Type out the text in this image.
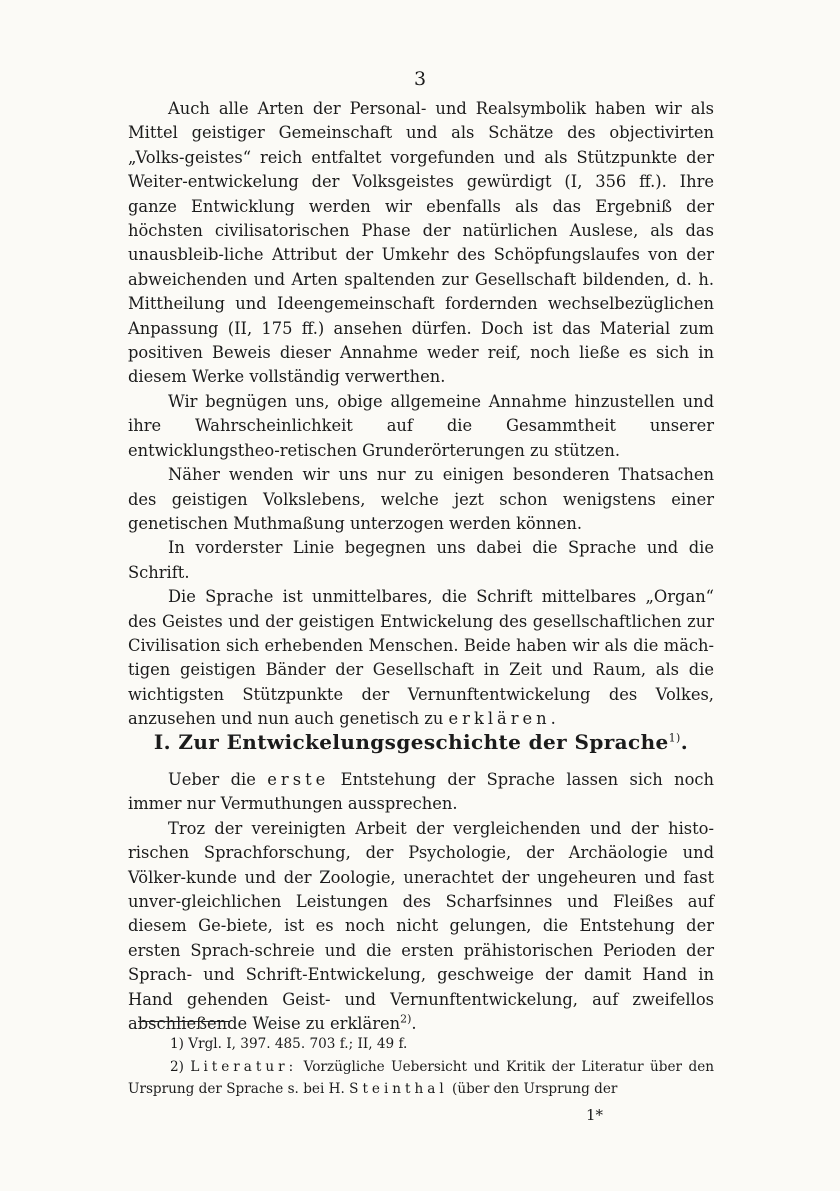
3

Auch alle Arten der Personal- und Realsymbolik haben wir als Mittel geistiger Gemeinschaft und als Schätze des objectivirten „Volks-geistes“ reich entfaltet vorgefunden und als Stützpunkte der Weiter-entwickelung der Volksgeistes gewürdigt (I, 356 ff.). Ihre ganze Entwicklung werden wir ebenfalls als das Ergebniß der höchsten civilisatorischen Phase der natürlichen Auslese, als das unausbleib-liche Attribut der Umkehr des Schöpfungslaufes von der abweichenden und Arten spaltenden zur Gesellschaft bildenden, d. h. Mittheilung und Ideengemeinschaft fordernden wechselbezüglichen Anpassung (II, 175 ff.) ansehen dürfen. Doch ist das Material zum positiven Beweis dieser Annahme weder reif, noch ließe es sich in diesem Werke vollständig verwerthen.

Wir begnügen uns, obige allgemeine Annahme hinzustellen und ihre Wahrscheinlichkeit auf die Gesammtheit unserer entwicklungstheo-retischen Grunderörterungen zu stützen.

Näher wenden wir uns nur zu einigen besonderen Thatsachen des geistigen Volkslebens, welche jezt schon wenigstens einer genetischen Muthmaßung unterzogen werden können.

In vorderster Linie begegnen uns dabei die Sprache und die Schrift.

Die Sprache ist unmittelbares, die Schrift mittelbares „Organ“ des Geistes und der geistigen Entwickelung des gesellschaftlichen zur Civilisation sich erhebenden Menschen. Beide haben wir als die mäch-tigen geistigen Bänder der Gesellschaft in Zeit und Raum, als die wichtigsten Stützpunkte der Vernunftentwickelung des Volkes, anzusehen und nun auch genetisch zu erklären.

I. Zur Entwickelungsgeschichte der Sprache$^{1)}$.

Ueber die erste Entstehung der Sprache lassen sich noch immer nur Vermuthungen aussprechen.

Troz der vereinigten Arbeit der vergleichenden und der histo-rischen Sprachforschung, der Psychologie, der Archäologie und Völker-kunde und der Zoologie, unerachtet der ungeheuren und fast unver-gleichlichen Leistungen des Scharfsinnes und Fleißes auf diesem Ge-biete, ist es noch nicht gelungen, die Entstehung der ersten Sprach-schreie und die ersten prähistorischen Perioden der Sprach- und Schrift-Entwickelung, geschweige der damit Hand in Hand gehenden Geist- und Vernunftentwickelung, auf zweifellos abschließende Weise zu erklären$^{2)}$.

1) Vrgl. I, 397. 485. 703 f.; II, 49 f.

2) Literatur: Vorzügliche Uebersicht und Kritik der Literatur über den Ursprung der Sprache s. bei H. Steinthal (über den Ursprung der

1*
